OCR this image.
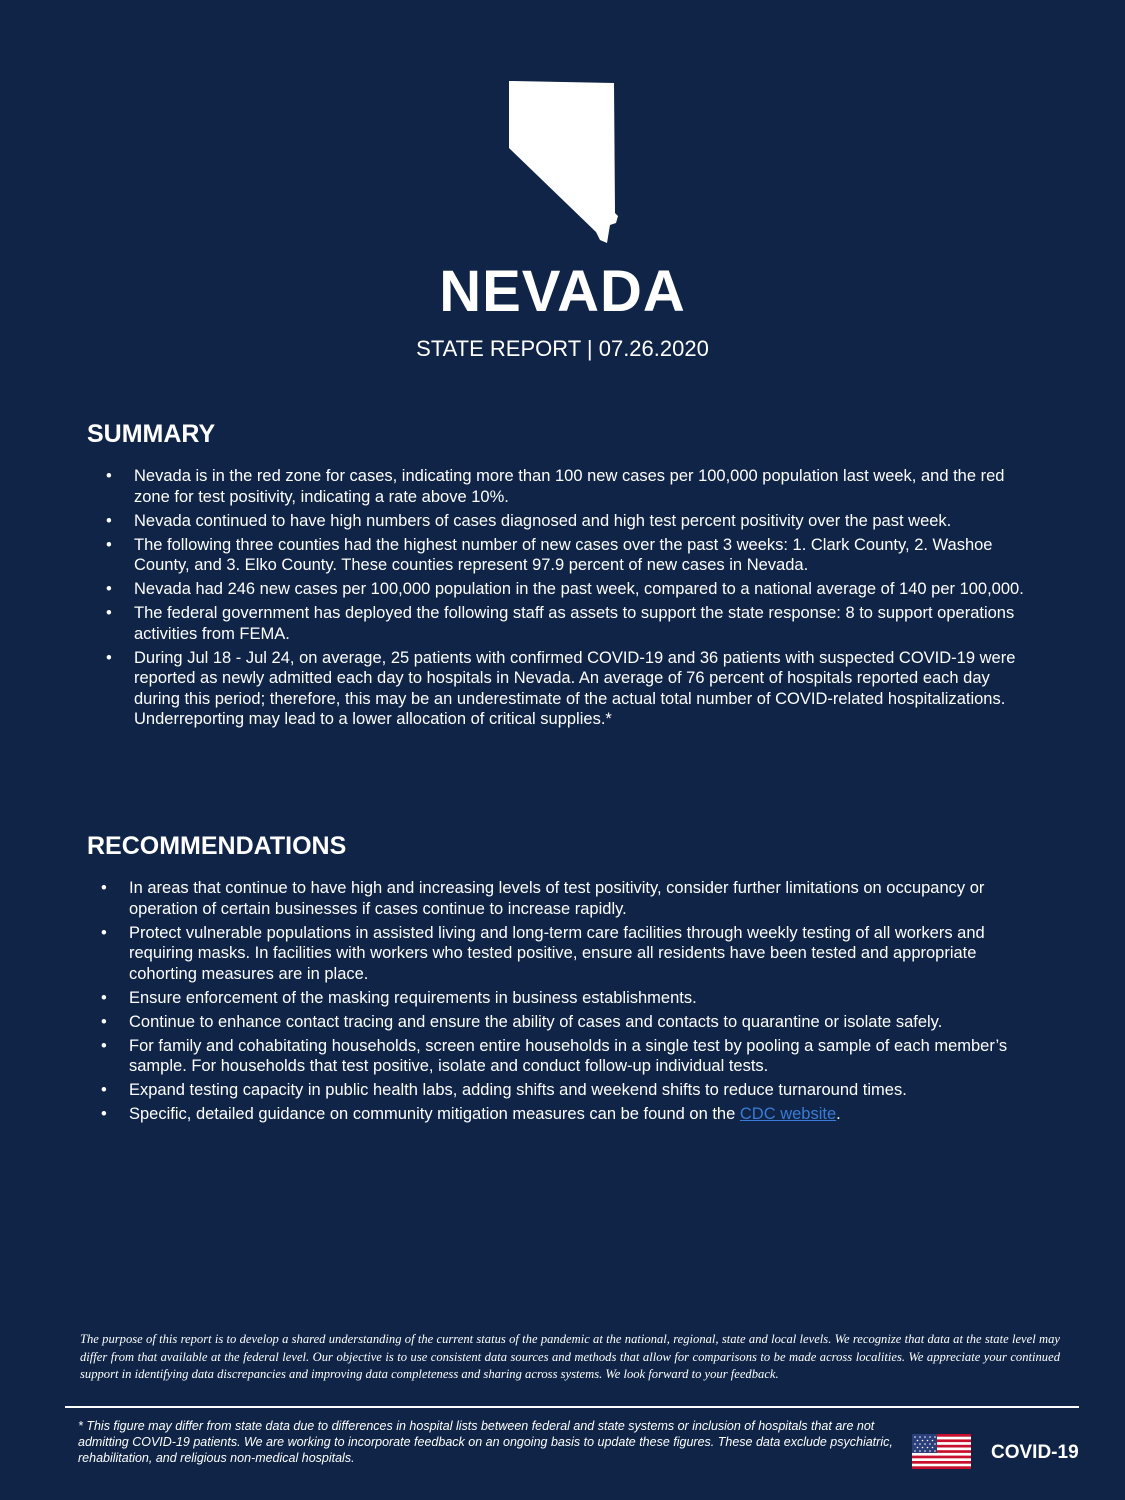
NEVADA

STATE REPORT | 07.26.2020

SUMMARY
• Nevada is in the red zone for cases, indicating more than 100 new cases per 100,000 population last week, and the red zone for test positivity, indicating a rate above 10%.
• Nevada continued to have high numbers of cases diagnosed and high test percent positivity over the past week.
• The following three counties had the highest number of new cases over the past 3 weeks: 1. Clark County, 2. Washoe County, and 3. Elko County. These counties represent 97.9 percent of new cases in Nevada.
• Nevada had 246 new cases per 100,000 population in the past week, compared to a national average of 140 per 100,000.
• The federal government has deployed the following staff as assets to support the state response: 8 to support operations activities from FEMA.
• During Jul 18 - Jul 24, on average, 25 patients with confirmed COVID-19 and 36 patients with suspected COVID-19 were reported as newly admitted each day to hospitals in Nevada. An average of 76 percent of hospitals reported each day during this period; therefore, this may be an underestimate of the actual total number of COVID-related hospitalizations. Underreporting may lead to a lower allocation of critical supplies.*
RECOMMENDATIONS
• In areas that continue to have high and increasing levels of test positivity, consider further limitations on occupancy or operation of certain businesses if cases continue to increase rapidly.
• Protect vulnerable populations in assisted living and long-term care facilities through weekly testing of all workers and requiring masks. In facilities with workers who tested positive, ensure all residents have been tested and appropriate cohorting measures are in place.
• Ensure enforcement of the masking requirements in business establishments.
• Continue to enhance contact tracing and ensure the ability of cases and contacts to quarantine or isolate safely.
• For family and cohabitating households, screen entire households in a single test by pooling a sample of each member’s sample. For households that test positive, isolate and conduct follow-up individual tests.
• Expand testing capacity in public health labs, adding shifts and weekend shifts to reduce turnaround times.
• Specific, detailed guidance on community mitigation measures can be found on the CDC website.

The purpose of this report is to develop a shared understanding of the current status of the pandemic at the national, regional, state and local levels. We recognize that data at the state level may differ from that available at the federal level. Our objective is to use consistent data sources and methods that allow for comparisons to be made across localities. We appreciate your continued support in identifying data discrepancies and improving data completeness and sharing across systems. We look forward to your feedback.

* This figure may differ from state data due to differences in hospital lists between federal and state systems or inclusion of hospitals that are not admitting COVID-19 patients. We are working to incorporate feedback on an ongoing basis to update these figures. These data exclude psychiatric, rehabilitation, and religious non-medical hospitals.	COVID-19
